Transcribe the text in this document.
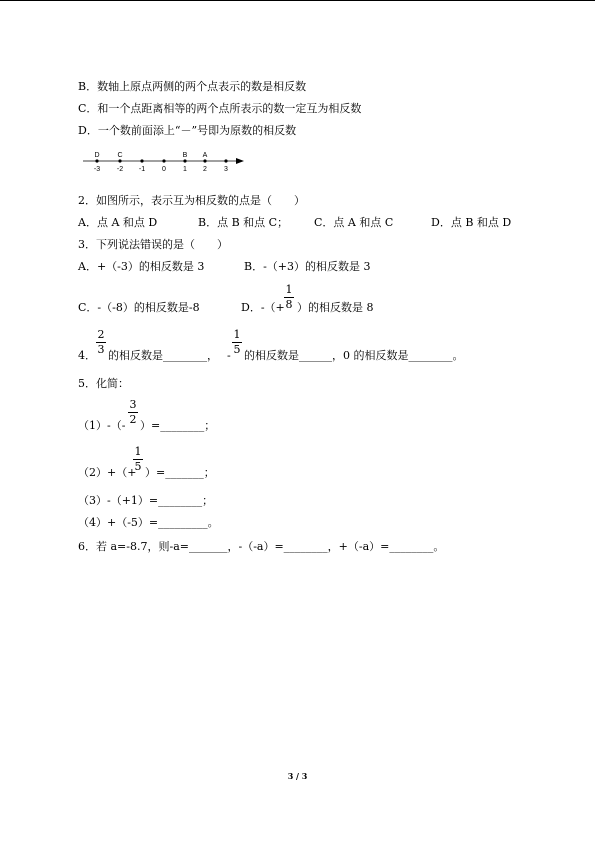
B．数轴上原点两侧的两个点表示的数是相反数
C．和一个点距离相等的两个点所表示的数一定互为相反数
D．一个数前面添上“－”号即为原数的相反数
D	C	B A
-3 -2 -1 0 1 2 3
2．如图所示，表示互为相反数的点是（　　）
A．点 A 和点 D	B．点 B 和点 C； C．点 A 和点 C	D．点 B 和点 D
3．下列说法错误的是（　　）
A．+（-3）的相反数是 3	B．-（+3）的相反数是 3
C．-（-8）的相反数是-8	D．-（+
1
8 ）的相反数是 8
4．
2
3 的相反数是________， -
1
5 的相反数是______，0 的相反数是________。
5．化简：
（1）-（-
3
2 ）=________；
（2）+（+
1
5 ）=_______；
（3）-（+1）=________；
（4）+（-5）=_________。
6．若 a=-8.7，则-a=_______，-（-a）=________，+（-a）=________。
3 / 3
